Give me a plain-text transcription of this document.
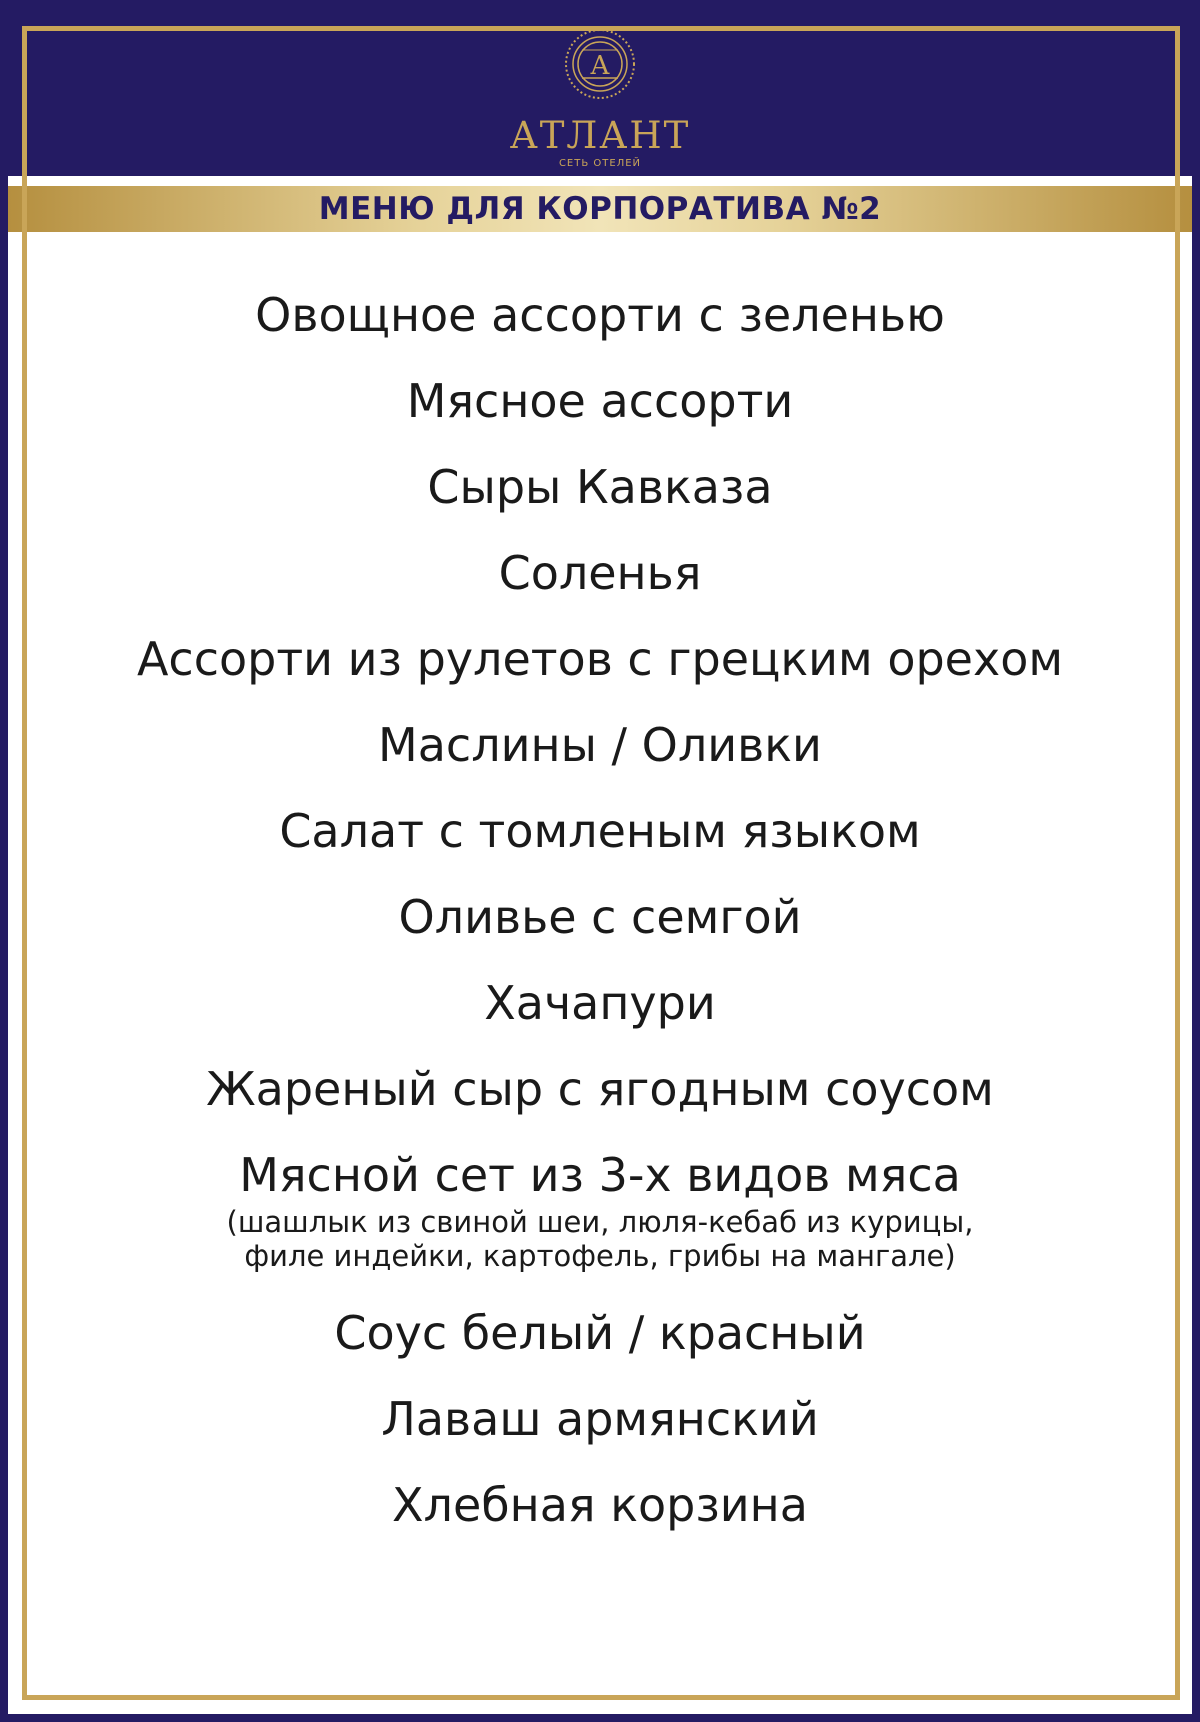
А
АТЛАНТ
СЕТЬ ОТЕЛЕЙ
МЕНЮ ДЛЯ КОРПОРАТИВА №2
Овощное ассорти с зеленью
Мясное ассорти
Сыры Кавказа
Соленья
Ассорти из рулетов с грецким орехом
Маслины / Оливки
Салат с томленым языком
Оливье с семгой
Хачапури
Жареный сыр с ягодным соусом
Мясной сет из 3-х видов мяса
(шашлык из свиной шеи, люля-кебаб из курицы,
филе индейки, картофель, грибы на мангале)
Соус белый / красный
Лаваш армянский
Хлебная корзина
